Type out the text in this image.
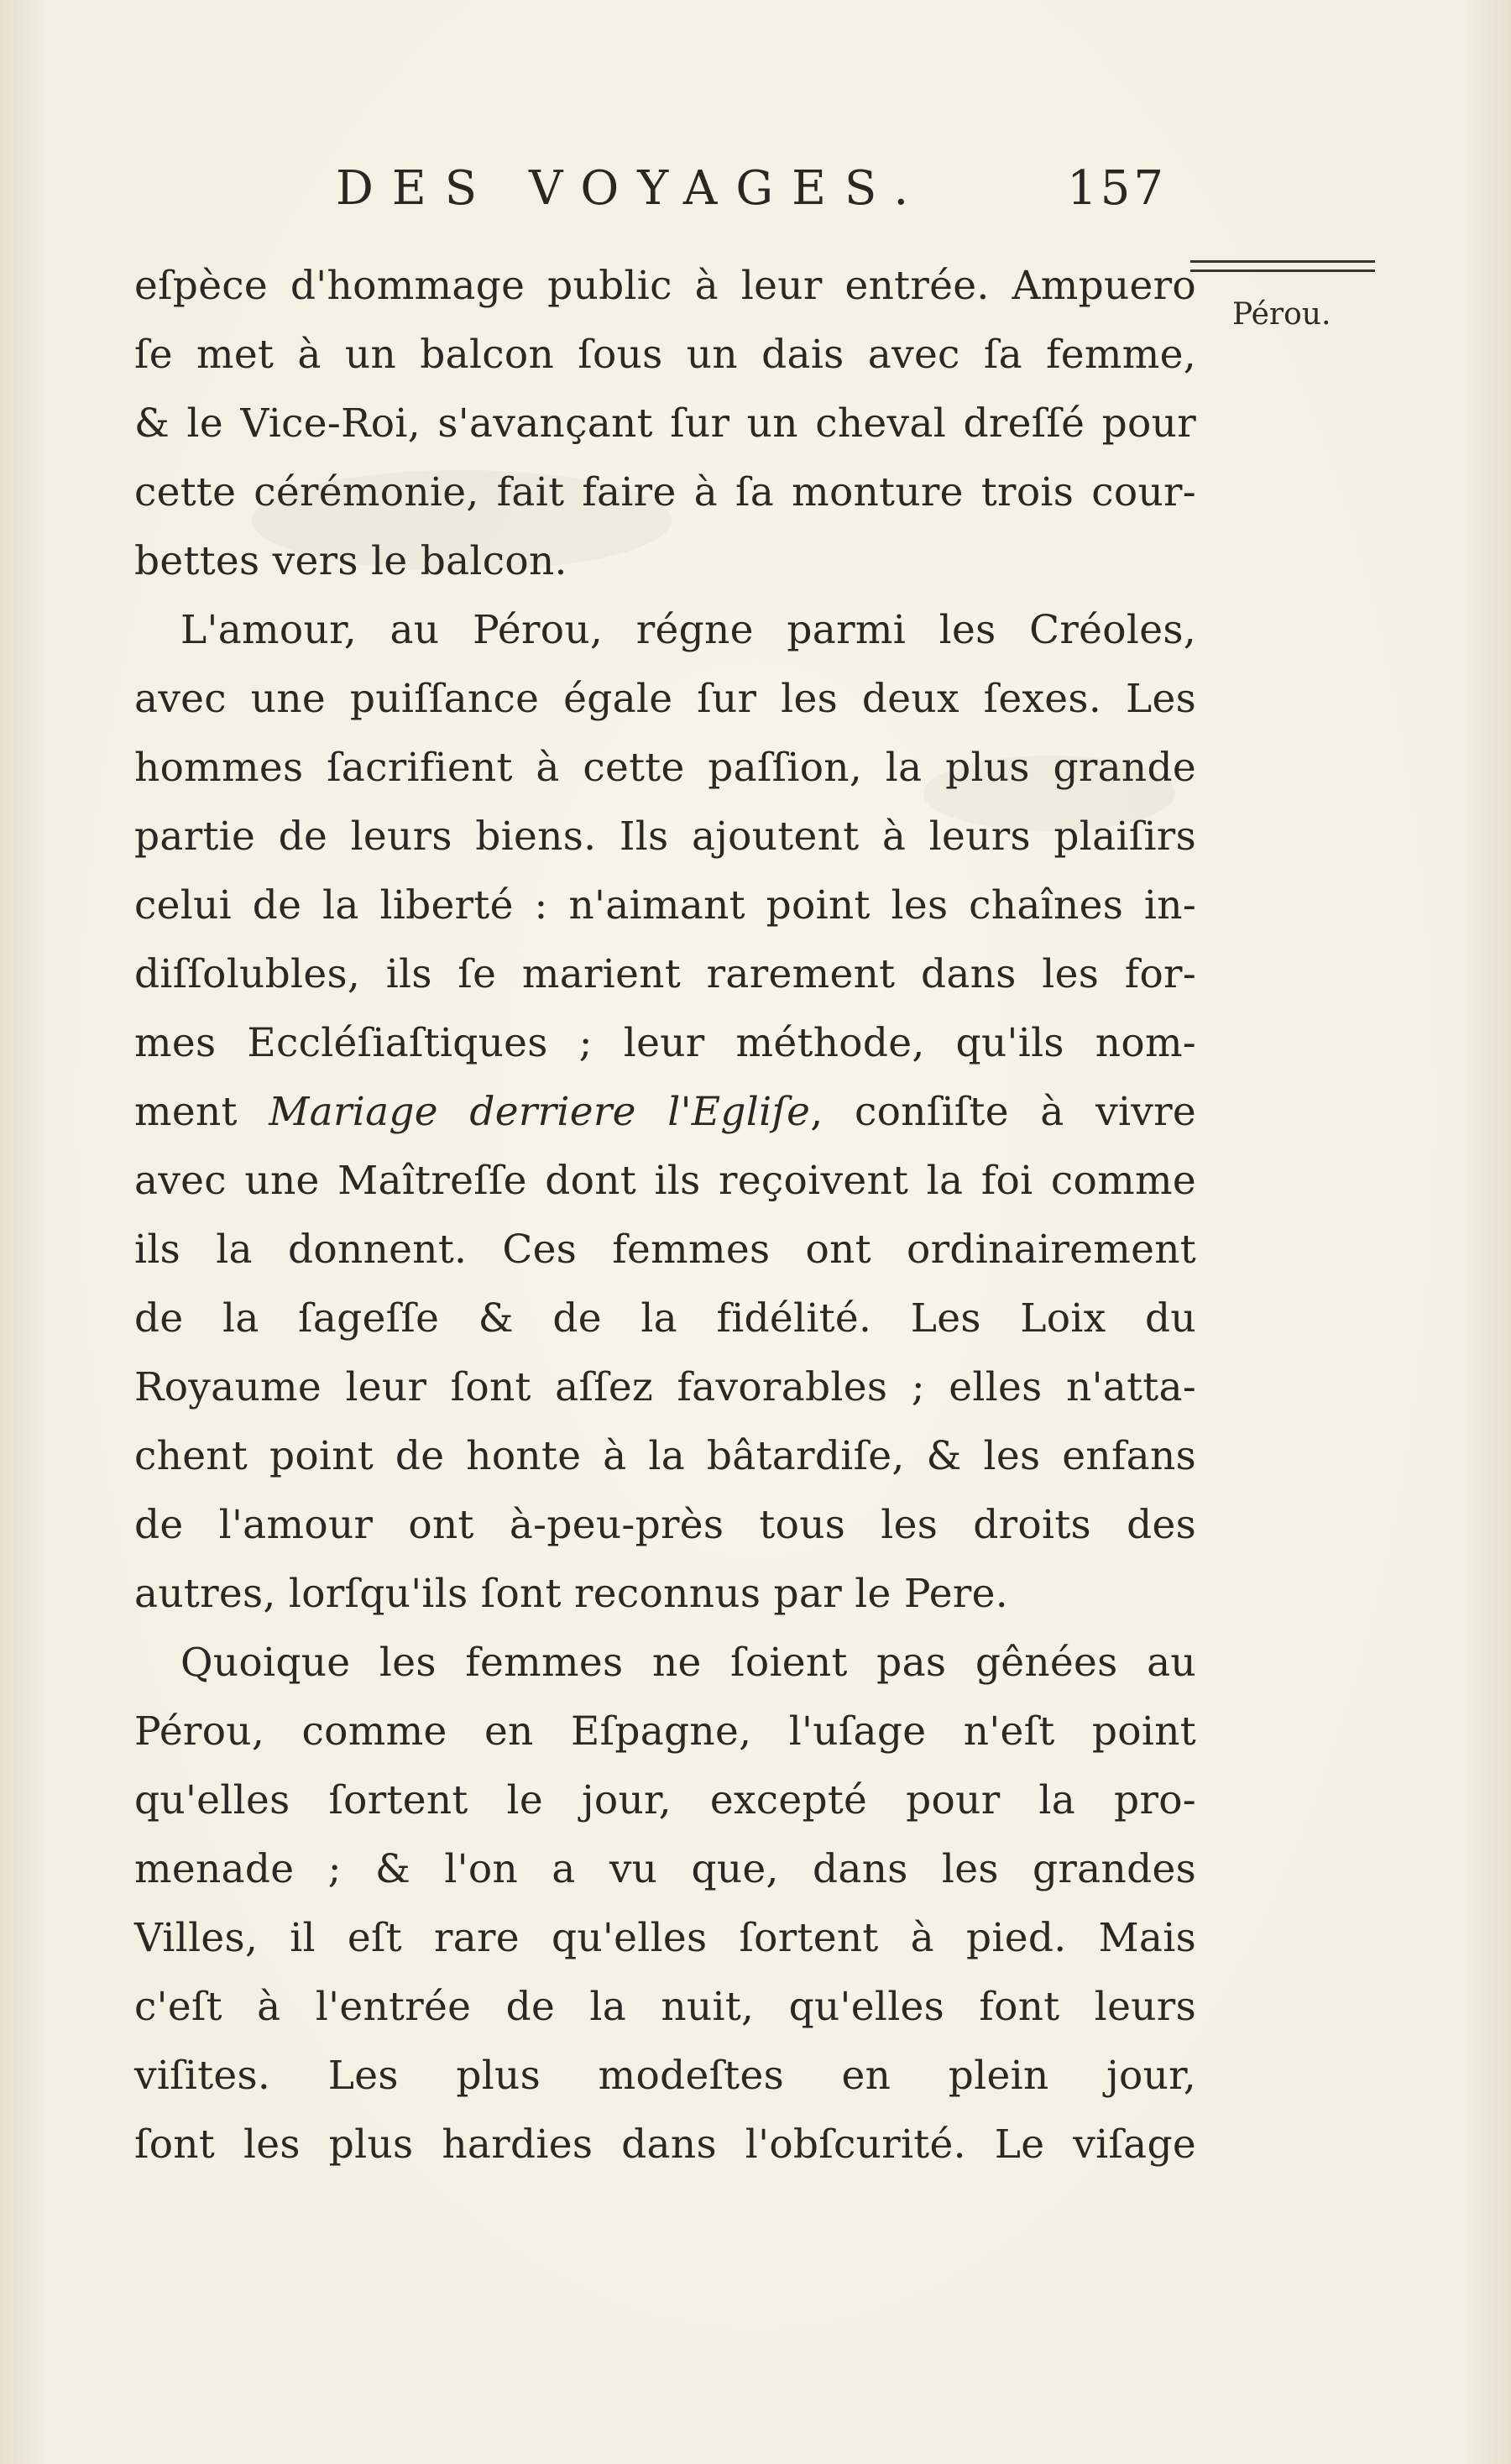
DES VOYAGES.	157
Pérou.
eſpèce d'hommage public à leur entrée. Ampuero
ſe met à un balcon ſous un dais avec ſa femme,
& le Vice-Roi, s'avançant ſur un cheval dreſſé pour
cette cérémonie, fait faire à ſa monture trois cour-
bettes vers le balcon.
L'amour, au Pérou, régne parmi les Créoles,
avec une puiſſance égale ſur les deux ſexes. Les
hommes ſacrifient à cette paſſion, la plus grande
partie de leurs biens. Ils ajoutent à leurs plaiſirs
celui de la liberté : n'aimant point les chaînes in-
diſſolubles, ils ſe marient rarement dans les for-
mes Eccléſiaſtiques ; leur méthode, qu'ils nom-
ment Mariage derriere l'Egliſe, conſiſte à vivre
avec une Maîtreſſe dont ils reçoivent la foi comme
ils la donnent. Ces femmes ont ordinairement
de la ſageſſe & de la fidélité. Les Loix du
Royaume leur ſont aſſez favorables ; elles n'atta-
chent point de honte à la bâtardiſe, & les enfans
de l'amour ont à-peu-près tous les droits des
autres, lorſqu'ils ſont reconnus par le Pere.
Quoique les femmes ne ſoient pas gênées au
Pérou, comme en Eſpagne, l'uſage n'eſt point
qu'elles ſortent le jour, excepté pour la pro-
menade ; & l'on a vu que, dans les grandes
Villes, il eſt rare qu'elles ſortent à pied. Mais
c'eſt à l'entrée de la nuit, qu'elles font leurs
viſites. Les plus modeſtes en plein jour,
ſont les plus hardies dans l'obſcurité. Le viſage
